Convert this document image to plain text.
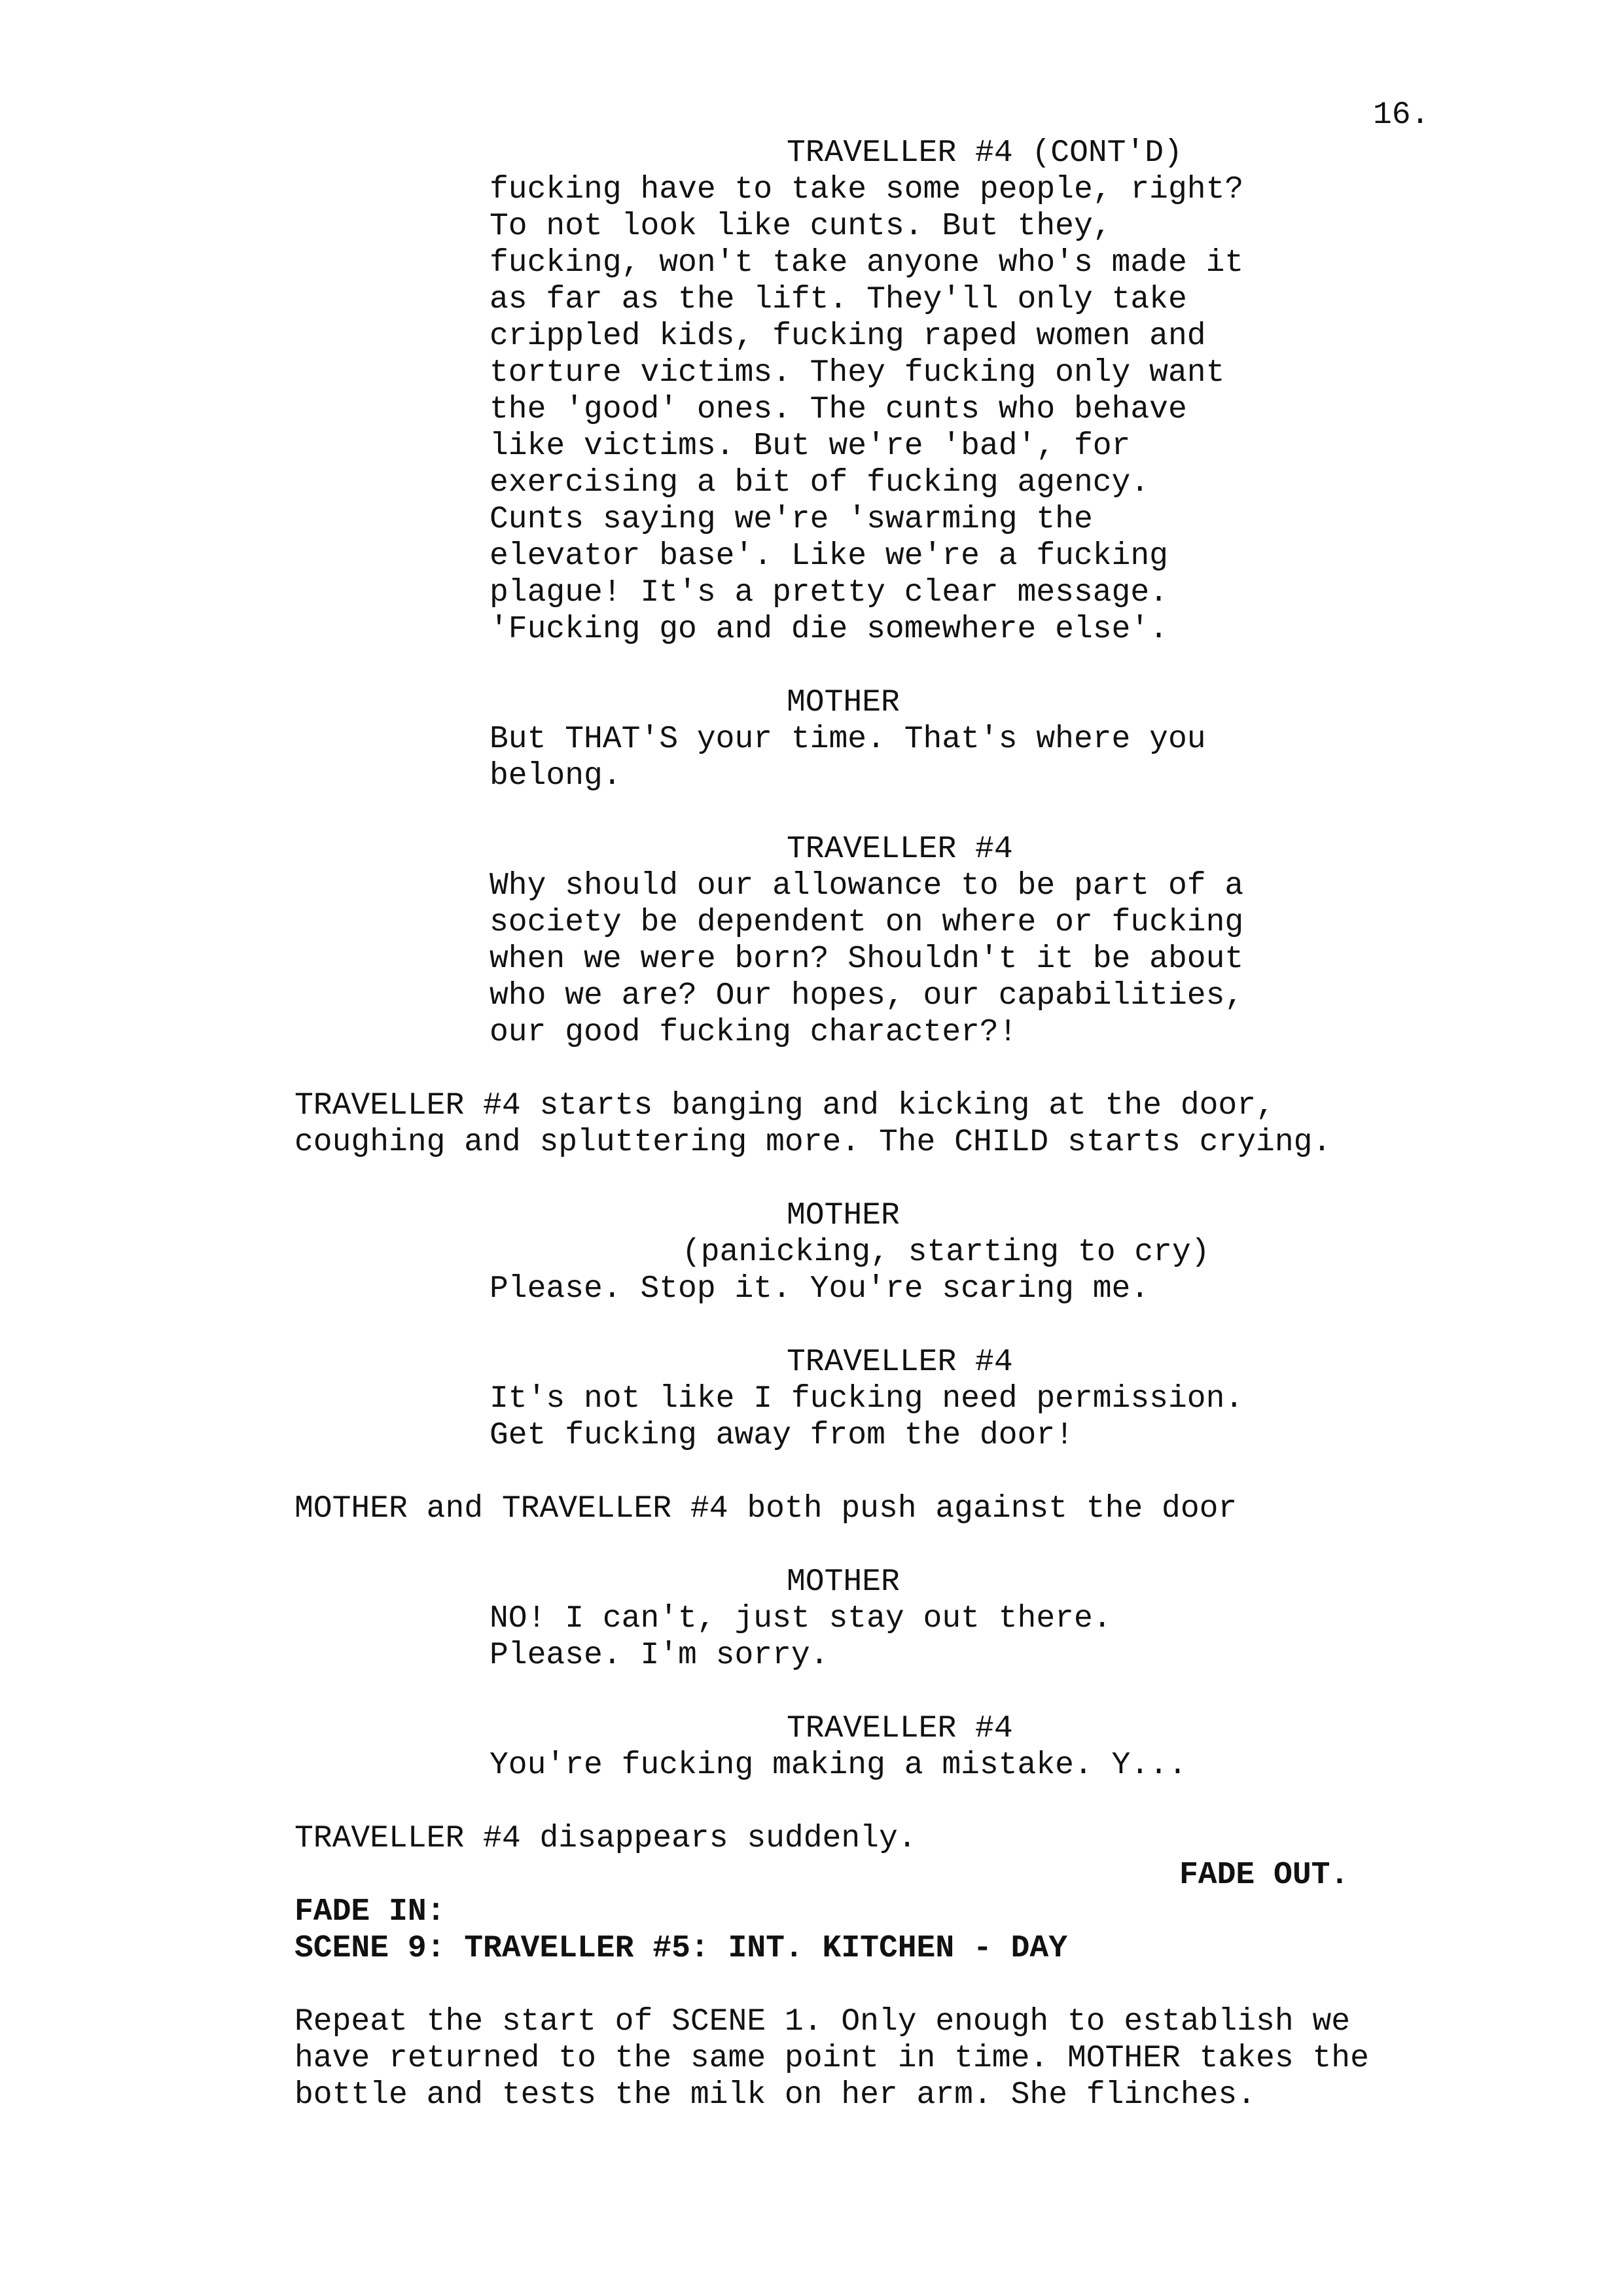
16.
TRAVELLER #4 (CONT'D)
fucking have to take some people, right?
To not look like cunts. But they,
fucking, won't take anyone who's made it
as far as the lift. They'll only take
crippled kids, fucking raped women and
torture victims. They fucking only want
the 'good' ones. The cunts who behave
like victims. But we're 'bad', for
exercising a bit of fucking agency.
Cunts saying we're 'swarming the
elevator base'. Like we're a fucking
plague! It's a pretty clear message.
'Fucking go and die somewhere else'.
MOTHER
But THAT'S your time. That's where you
belong.
TRAVELLER #4
Why should our allowance to be part of a
society be dependent on where or fucking
when we were born? Shouldn't it be about
who we are? Our hopes, our capabilities,
our good fucking character?!
TRAVELLER #4 starts banging and kicking at the door,
coughing and spluttering more. The CHILD starts crying.
MOTHER
(panicking, starting to cry)
Please. Stop it. You're scaring me.
TRAVELLER #4
It's not like I fucking need permission.
Get fucking away from the door!
MOTHER and TRAVELLER #4 both push against the door
MOTHER
NO! I can't, just stay out there.
Please. I'm sorry.
TRAVELLER #4
You're fucking making a mistake. Y...
TRAVELLER #4 disappears suddenly.
FADE OUT.
FADE IN:
SCENE 9: TRAVELLER #5: INT. KITCHEN - DAY
Repeat the start of SCENE 1. Only enough to establish we
have returned to the same point in time. MOTHER takes the
bottle and tests the milk on her arm. She flinches.
